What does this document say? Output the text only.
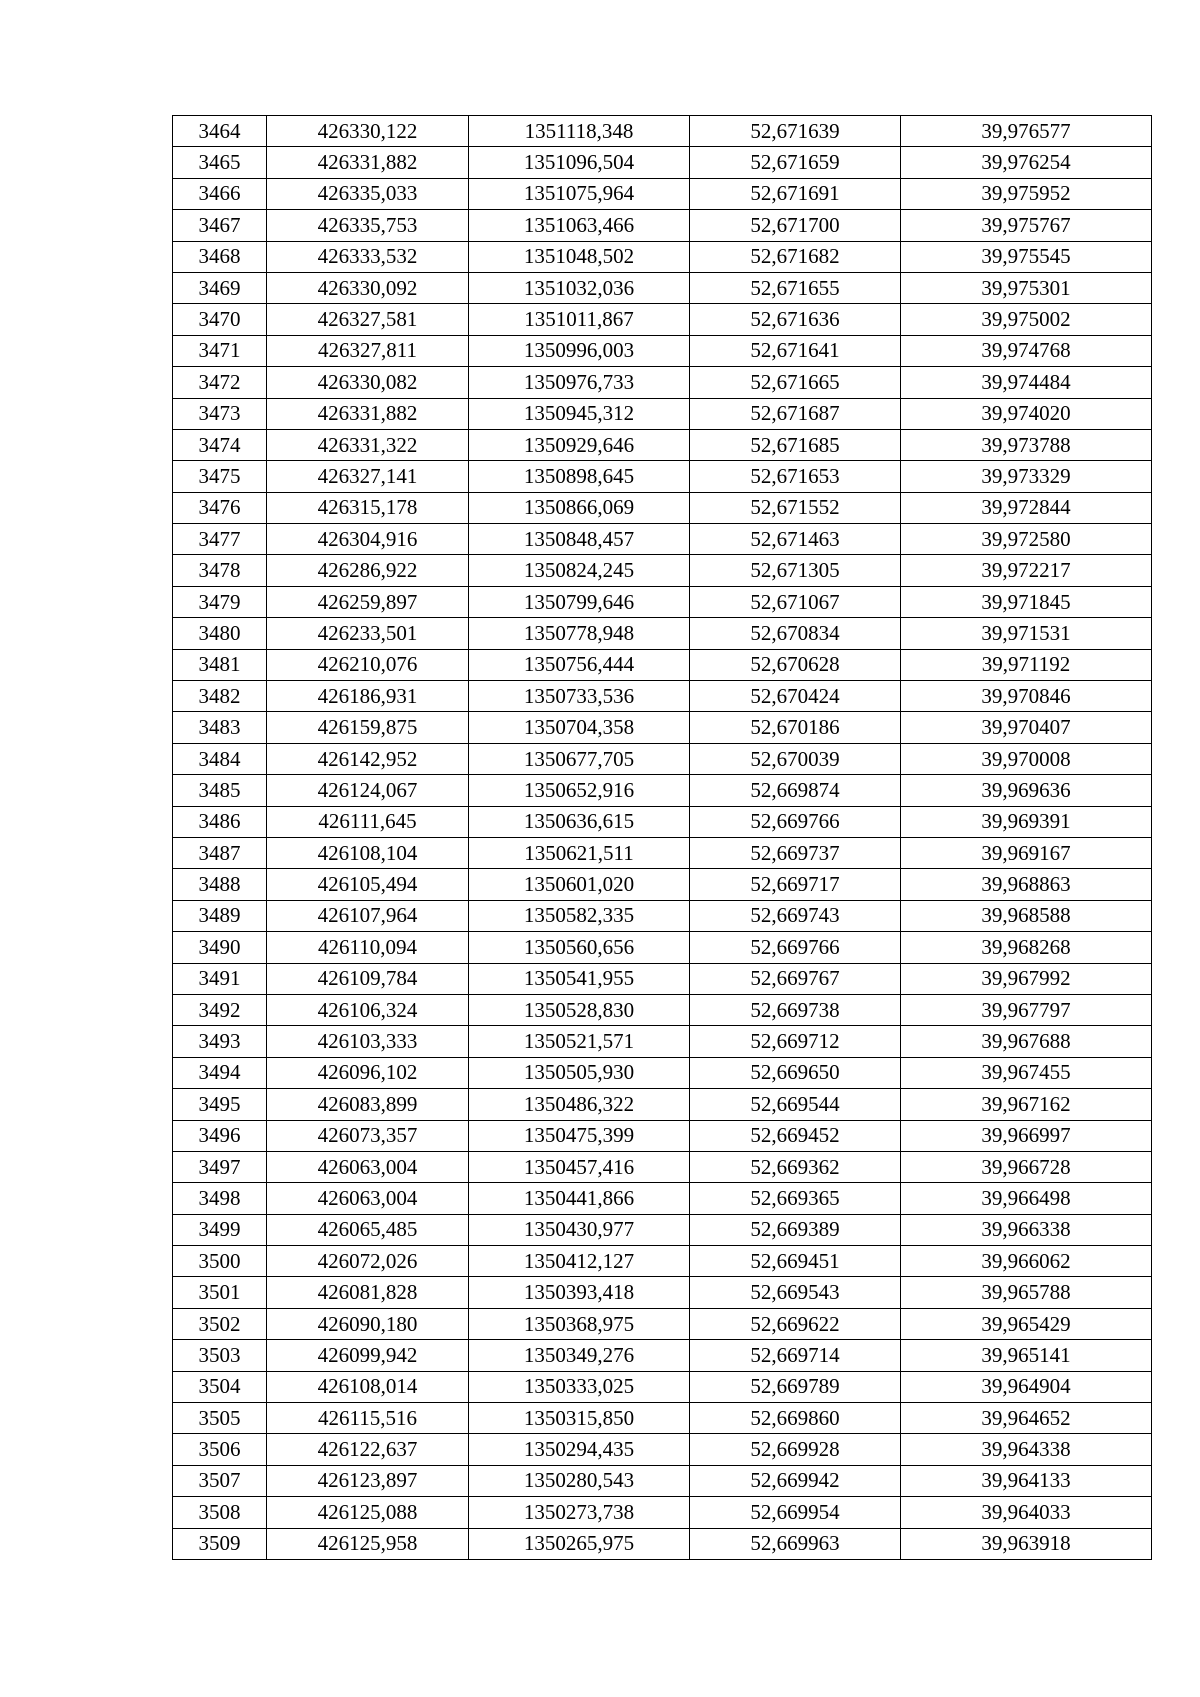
3464	426330,122	1351118,348	52,671639	39,976577
3465	426331,882	1351096,504	52,671659	39,976254
3466	426335,033	1351075,964	52,671691	39,975952
3467	426335,753	1351063,466	52,671700	39,975767
3468	426333,532	1351048,502	52,671682	39,975545
3469	426330,092	1351032,036	52,671655	39,975301
3470	426327,581	1351011,867	52,671636	39,975002
3471	426327,811	1350996,003	52,671641	39,974768
3472	426330,082	1350976,733	52,671665	39,974484
3473	426331,882	1350945,312	52,671687	39,974020
3474	426331,322	1350929,646	52,671685	39,973788
3475	426327,141	1350898,645	52,671653	39,973329
3476	426315,178	1350866,069	52,671552	39,972844
3477	426304,916	1350848,457	52,671463	39,972580
3478	426286,922	1350824,245	52,671305	39,972217
3479	426259,897	1350799,646	52,671067	39,971845
3480	426233,501	1350778,948	52,670834	39,971531
3481	426210,076	1350756,444	52,670628	39,971192
3482	426186,931	1350733,536	52,670424	39,970846
3483	426159,875	1350704,358	52,670186	39,970407
3484	426142,952	1350677,705	52,670039	39,970008
3485	426124,067	1350652,916	52,669874	39,969636
3486	426111,645	1350636,615	52,669766	39,969391
3487	426108,104	1350621,511	52,669737	39,969167
3488	426105,494	1350601,020	52,669717	39,968863
3489	426107,964	1350582,335	52,669743	39,968588
3490	426110,094	1350560,656	52,669766	39,968268
3491	426109,784	1350541,955	52,669767	39,967992
3492	426106,324	1350528,830	52,669738	39,967797
3493	426103,333	1350521,571	52,669712	39,967688
3494	426096,102	1350505,930	52,669650	39,967455
3495	426083,899	1350486,322	52,669544	39,967162
3496	426073,357	1350475,399	52,669452	39,966997
3497	426063,004	1350457,416	52,669362	39,966728
3498	426063,004	1350441,866	52,669365	39,966498
3499	426065,485	1350430,977	52,669389	39,966338
3500	426072,026	1350412,127	52,669451	39,966062
3501	426081,828	1350393,418	52,669543	39,965788
3502	426090,180	1350368,975	52,669622	39,965429
3503	426099,942	1350349,276	52,669714	39,965141
3504	426108,014	1350333,025	52,669789	39,964904
3505	426115,516	1350315,850	52,669860	39,964652
3506	426122,637	1350294,435	52,669928	39,964338
3507	426123,897	1350280,543	52,669942	39,964133
3508	426125,088	1350273,738	52,669954	39,964033
3509	426125,958	1350265,975	52,669963	39,963918
